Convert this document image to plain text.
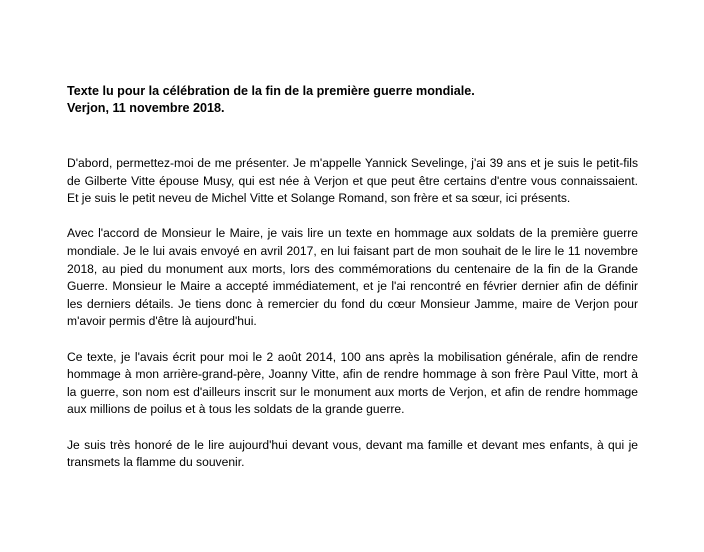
Texte lu pour la célébration de la fin de la première guerre mondiale.
Verjon, 11 novembre 2018.

D'abord, permettez-moi de me présenter. Je m'appelle Yannick Sevelinge, j'ai 39 ans et je suis le petit-fils de Gilberte Vitte épouse Musy, qui est née à Verjon et que peut être certains d'entre vous connaissaient. Et je suis le petit neveu de Michel Vitte et Solange Romand, son frère et sa sœur, ici présents.

Avec l'accord de Monsieur le Maire, je vais lire un texte en hommage aux soldats de la première guerre mondiale. Je le lui avais envoyé en avril 2017, en lui faisant part de mon souhait de le lire le 11 novembre 2018, au pied du monument aux morts, lors des commémorations du centenaire de la fin de la Grande Guerre. Monsieur le Maire a accepté immédiatement, et je l'ai rencontré en février dernier afin de définir les derniers détails. Je tiens donc à remercier du fond du cœur Monsieur Jamme, maire de Verjon pour m'avoir permis d'être là aujourd'hui.

Ce texte, je l'avais écrit pour moi le 2 août 2014, 100 ans après la mobilisation générale, afin de rendre hommage à mon arrière-grand-père, Joanny Vitte, afin de rendre hommage à son frère Paul Vitte, mort à la guerre, son nom est d'ailleurs inscrit sur le monument aux morts de Verjon, et afin de rendre hommage aux millions de poilus et à tous les soldats de la grande guerre.

Je suis très honoré de le lire aujourd'hui devant vous, devant ma famille et devant mes enfants, à qui je transmets la flamme du souvenir.
